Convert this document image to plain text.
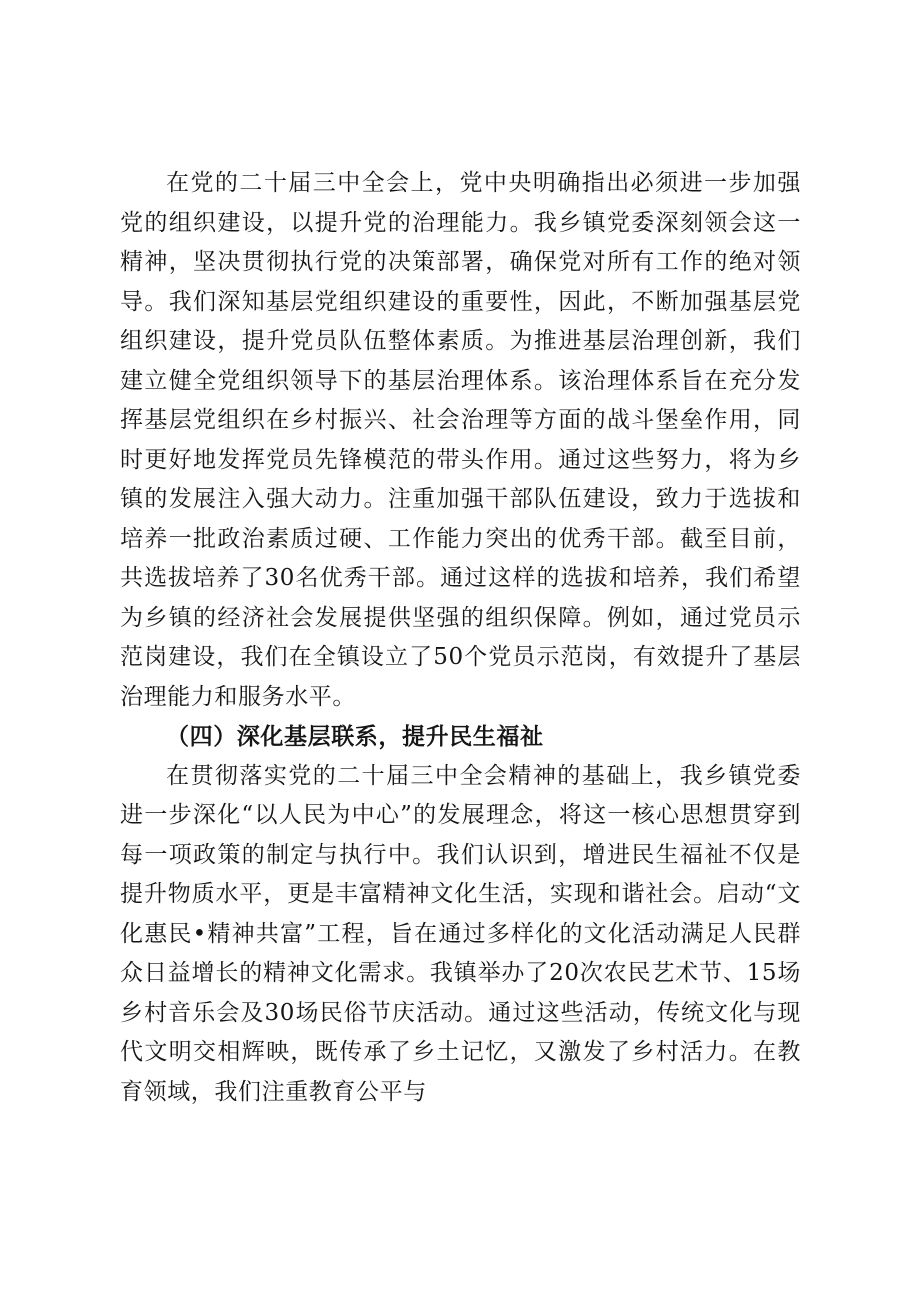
在党的二十届三中全会上，党中央明确指出必须进一步加强党的组织建设，以提升党的治理能力。我乡镇党委深刻领会这一精神，坚决贯彻执行党的决策部署，确保党对所有工作的绝对领导。我们深知基层党组织建设的重要性，因此，不断加强基层党组织建设，提升党员队伍整体素质。为推进基层治理创新，我们建立健全党组织领导下的基层治理体系。该治理体系旨在充分发挥基层党组织在乡村振兴、社会治理等方面的战斗堡垒作用，同时更好地发挥党员先锋模范的带头作用。通过这些努力，将为乡镇的发展注入强大动力。注重加强干部队伍建设，致力于选拔和培养一批政治素质过硬、工作能力突出的优秀干部。截至目前，共选拔培养了30名优秀干部。通过这样的选拔和培养，我们希望为乡镇的经济社会发展提供坚强的组织保障。例如，通过党员示范岗建设，我们在全镇设立了50个党员示范岗，有效提升了基层治理能力和服务水平。

（四）深化基层联系，提升民生福祉

在贯彻落实党的二十届三中全会精神的基础上，我乡镇党委进一步深化“以人民为中心”的发展理念，将这一核心思想贯穿到每一项政策的制定与执行中。我们认识到，增进民生福祉不仅是提升物质水平，更是丰富精神文化生活，实现和谐社会。启动“文化惠民•精神共富”工程，旨在通过多样化的文化活动满足人民群众日益增长的精神文化需求。我镇举办了20次农民艺术节、15场乡村音乐会及30场民俗节庆活动。通过这些活动，传统文化与现代文明交相辉映，既传承了乡土记忆，又激发了乡村活力。在教育领域，我们注重教育公平与
